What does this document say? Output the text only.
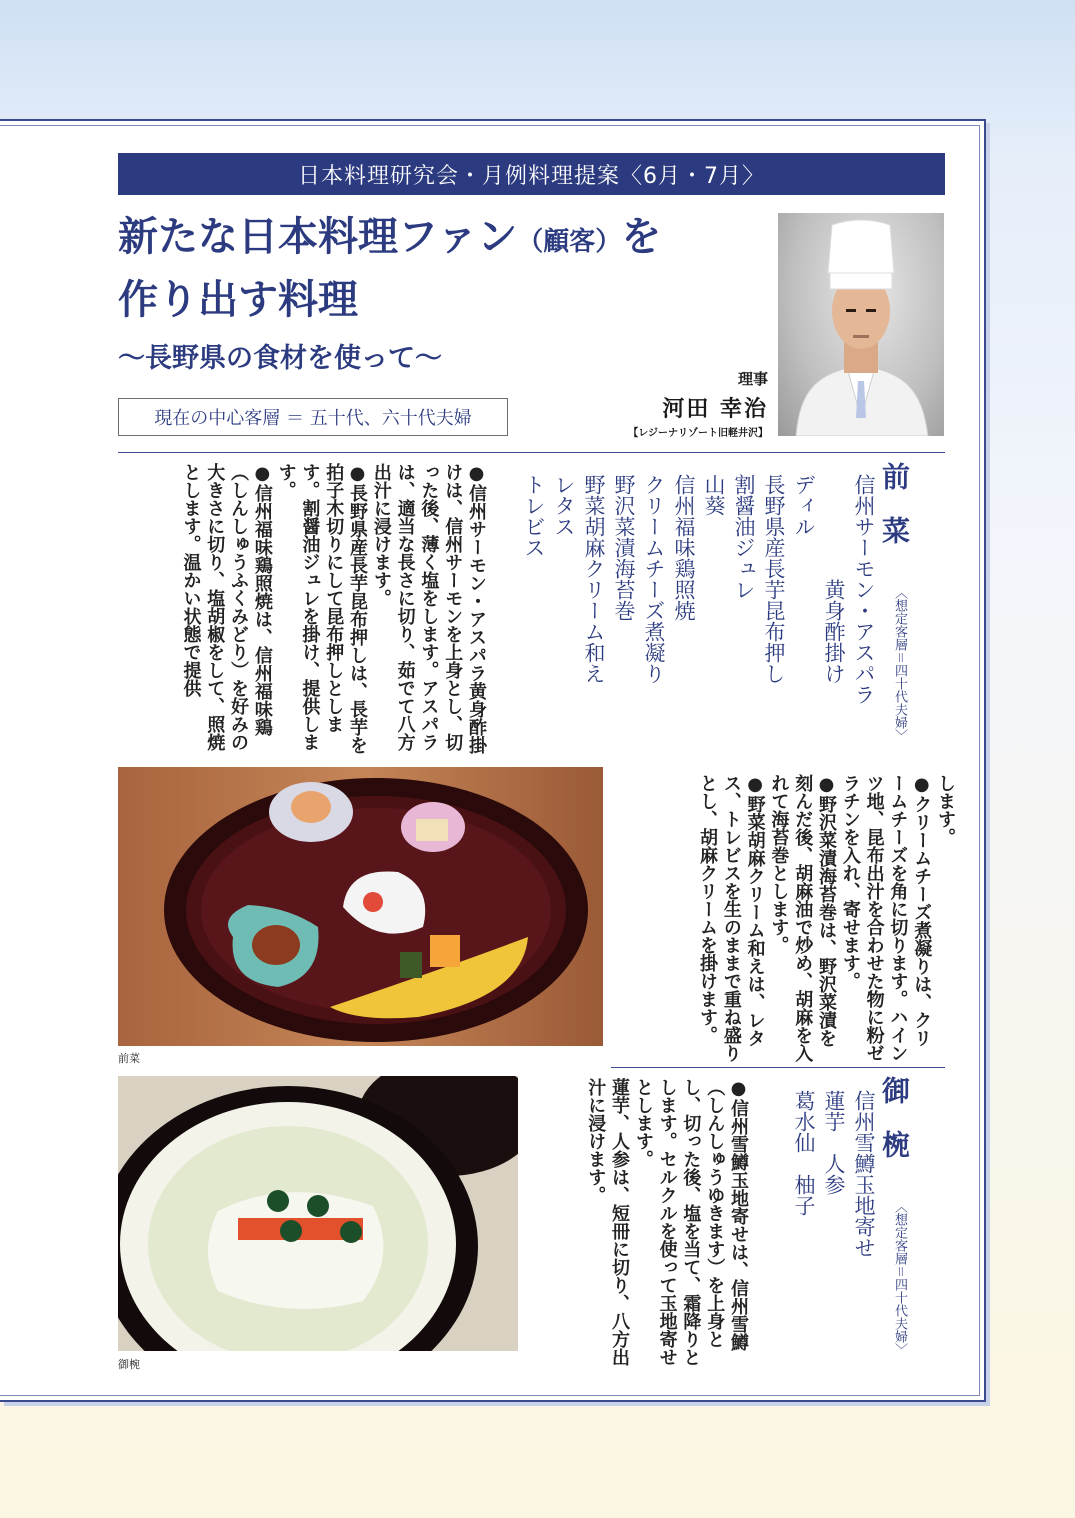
日本料理研究会・月例料理提案〈6月・7月〉
新たな日本料理ファン（顧客）を
作り出す料理
〜長野県の食材を使って〜
現在の中心客層 ＝ 五十代、六十代夫婦
理事
河田 幸治
【レジーナリゾート旧軽井沢】
前菜
〈想定客層＝四十代夫婦〉
信州サーモン・アスパラ
　　　　　黄身酢掛け
ディル
長野県産長芋昆布押し
割醤油ジュレ
山葵
信州福味鶏照焼
クリームチーズ煮凝り
野沢菜漬海苔巻
野菜胡麻クリーム和え
レタス
トレビス

●信州サーモン・アスパラ黄身酢掛けは、信州サーモンを上身とし、切った後、薄く塩をします。アスパラは、適当な長さに切り、茹でて八方出汁に浸けます。

●長野県産長芋昆布押しは、長芋を拍子木切りにして昆布押しとします。割醤油ジュレを掛け、提供します。

●信州福味鶏照焼は、信州福味鶏（しんしゅうふくみどり）を好みの大きさに切り、塩胡椒をして、照焼とします。温かい状態で提供

前菜

します。

●クリームチーズ煮凝りは、クリームチーズを角に切ります。ハインツ地、昆布出汁を合わせた物に粉ゼラチンを入れ、寄せます。

●野沢菜漬海苔巻は、野沢菜漬を刻んだ後、胡麻油で炒め、胡麻を入れて海苔巻とします。

●野菜胡麻クリーム和えは、レタス、トレビスを生のままで重ね盛りとし、胡麻クリームを掛けます。

御椀
御椀
〈想定客層＝四十代夫婦〉
信州雪鱒玉地寄せ
蓮芋　人参
葛水仙　柚子

●信州雪鱒玉地寄せは、信州雪鱒（しんしゅうゆきます）を上身とし、切った後、塩を当て、霜降りとします。セルクルを使って玉地寄せとします。

蓮芋、人参は、短冊に切り、八方出汁に浸けます。
